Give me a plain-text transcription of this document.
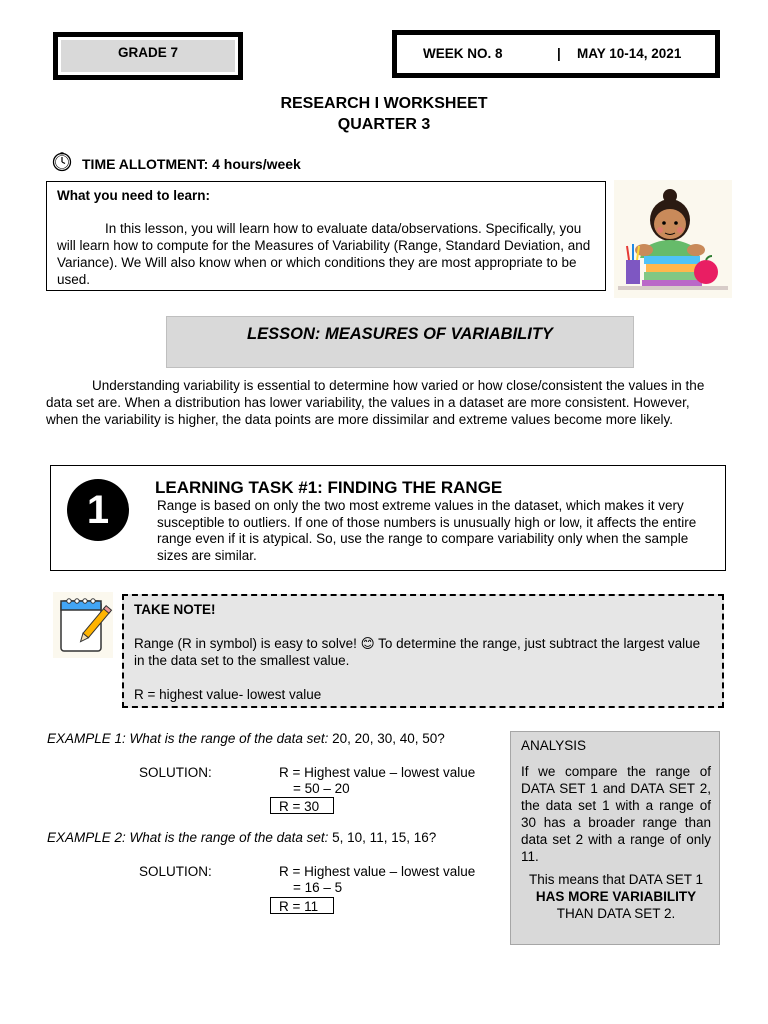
GRADE 7	WEEK NO. 8	| MAY 10-14, 2021
RESEARCH I WORKSHEET
QUARTER 3
TIME ALLOTMENT: 4 hours/week
What you need to learn:
In this lesson, you will learn how to evaluate data/observations. Specifically, you will learn how to compute for the Measures of Variability (Range, Standard Deviation, and Variance). We Will also know when or which conditions they are most appropriate to be used.
LESSON: MEASURES OF VARIABILITY
Understanding variability is essential to determine how varied or how close/consistent the values in the data set are. When a distribution has lower variability, the values in a dataset are more consistent. However, when the variability is higher, the data points are more dissimilar and extreme values become more likely.
1
LEARNING TASK #1: FINDING THE RANGE
Range is based on only the two most extreme values in the dataset, which makes it very susceptible to outliers. If one of those numbers is unusually high or low, it affects the entire range even if it is atypical. So, use the range to compare variability only when the sample sizes are similar.
TAKE NOTE!
Range (R in symbol) is easy to solve! 😊 To determine the range, just subtract the largest value in the data set to the smallest value.
R = highest value- lowest value
EXAMPLE 1: What is the range of the data set: 20, 20, 30, 40, 50?
SOLUTION:	R = Highest value – lowest value
= 50 – 20
R = 30
EXAMPLE 2: What is the range of the data set: 5, 10, 11, 15, 16?
SOLUTION:	R = Highest value – lowest value
= 16 – 5
R = 11
ANALYSIS
If we compare the range of DATA SET 1 and DATA SET 2, the data set 1 with a range of 30 has a broader range than data set 2 with a range of only 11.
This means that DATA SET 1
HAS MORE VARIABILITY
THAN DATA SET 2.
